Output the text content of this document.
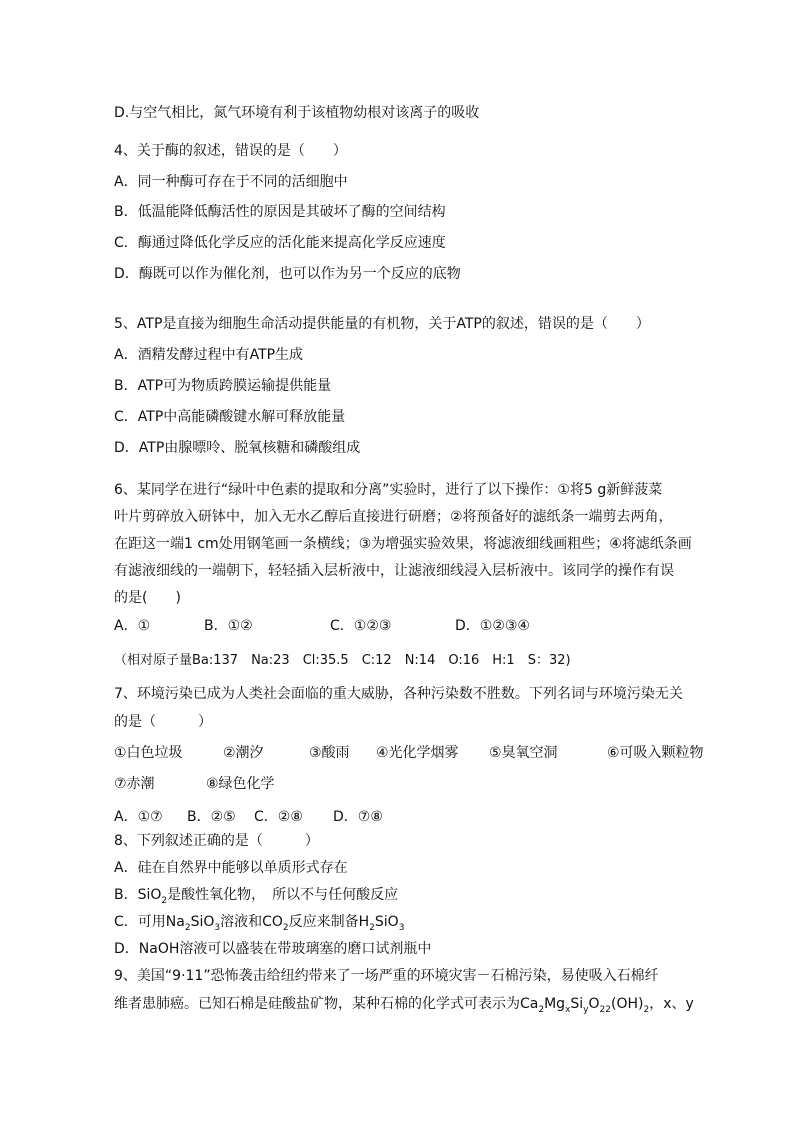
D.与空气相比，氮气环境有利于该植物幼根对该离子的吸收
4、关于酶的叙述，错误的是（　　）
A．同一种酶可存在于不同的活细胞中
B．低温能降低酶活性的原因是其破坏了酶的空间结构
C．酶通过降低化学反应的活化能来提高化学反应速度
D．酶既可以作为催化剂，也可以作为另一个反应的底物
5、ATP是直接为细胞生命活动提供能量的有机物，关于ATP的叙述，错误的是（　　）
A．酒精发酵过程中有ATP生成
B．ATP可为物质跨膜运输提供能量
C．ATP中高能磷酸键水解可释放能量
D．ATP由腺嘌呤、脱氧核糖和磷酸组成
6、某同学在进行“绿叶中色素的提取和分离”实验时，进行了以下操作：①将5 g新鲜菠菜
叶片剪碎放入研钵中，加入无水乙醇后直接进行研磨；②将预备好的滤纸条一端剪去两角，
在距这一端1 cm处用钢笔画一条横线；③为增强实验效果，将滤液细线画粗些；④将滤纸条画
有滤液细线的一端朝下，轻轻插入层析液中，让滤液细线浸入层析液中。该同学的操作有误
的是(　　)
A．①	B．①②	C．①②③	D．①②③④
（相对原子量Ba:137　Na:23　Cl:35.5　C:12　N:14　O:16　H:1　S：32)
7、环境污染已成为人类社会面临的重大威胁，各种污染数不胜数。下列名词与环境污染无关
的是（　　　）
①白色垃圾	②潮汐	③酸雨 ④光化学烟雾 ⑤臭氧空洞	⑥可吸入颗粒物
⑦赤潮	⑧绿色化学
A．①⑦ B．②⑤ C．②⑧ D．⑦⑧
8、下列叙述正确的是（　　　）
A．硅在自然界中能够以单质形式存在
B．SiO$_2$是酸性氧化物，　所以不与任何酸反应
C．可用$Na_2SiO_3$溶液和$CO_2$反应来制备$H_2SiO_3$
D．NaOH溶液可以盛装在带玻璃塞的磨口试剂瓶中
9、美国“9·11”恐怖袭击给纽约带来了一场严重的环境灾害－石棉污染，易使吸入石棉纤
维者患肺癌。已知石棉是硅酸盐矿物，某种石棉的化学式可表示为$Ca_2Mg_xSi_yO_{22}(OH)_2$，x、y
